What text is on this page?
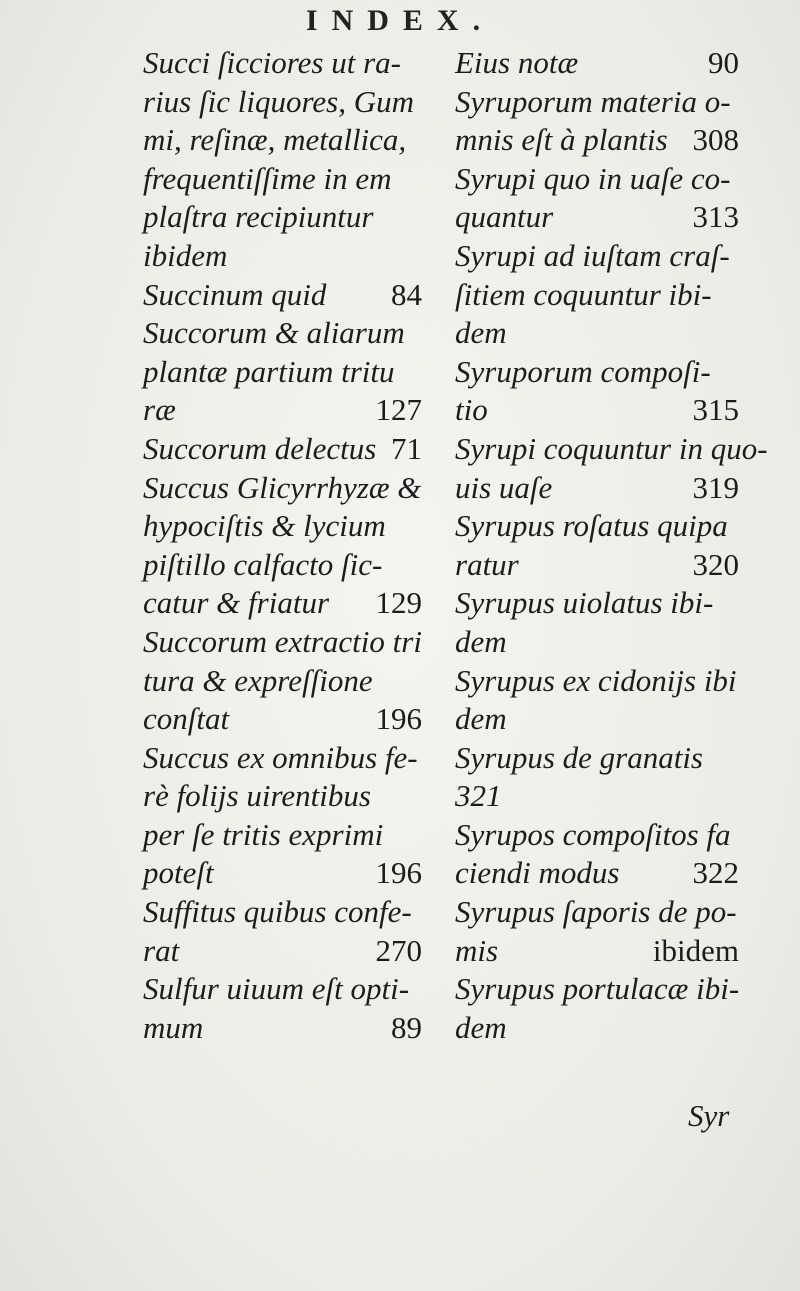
INDEX.
Succi ſicciores ut ra-
rius ſic liquores, Gum
mi, reſinæ, metallica,
frequentiſſime in em
plaſtra recipiuntur
ibidem
Succinum quid 84
Succorum & aliarum
plantæ partium tritu
ræ	127
Succorum delectus 71
Succus Glicyrrhyzæ &
hypociſtis & lycium
piſtillo calfacto ſic-
catur & friatur 129
Succorum extractio tri
tura & expreſſione
conſtat	196
Succus ex omnibus fe-
rè folijs uirentibus
per ſe tritis exprimi
poteſt	196
Suffitus quibus confe-
rat	270
Sulfur uiuum eſt opti-
mum	89
Eius notæ	90
Syruporum materia o-
mnis eſt à plantis 308
Syrupi quo in uaſe co-
quantur	313
Syrupi ad iuſtam craſ-
ſitiem coquuntur ibi-
dem
Syruporum compoſi-
tio	315
Syrupi coquuntur in quo-
uis uaſe	319
Syrupus roſatus quipa
ratur	320
Syrupus uiolatus ibi-
dem
Syrupus ex cidonijs ibi
dem
Syrupus de granatis
321
Syrupos compoſitos fa
ciendi modus 322
Syrupus ſaporis de po-
mis	ibidem
Syrupus portulacæ ibi-
dem
Syr
